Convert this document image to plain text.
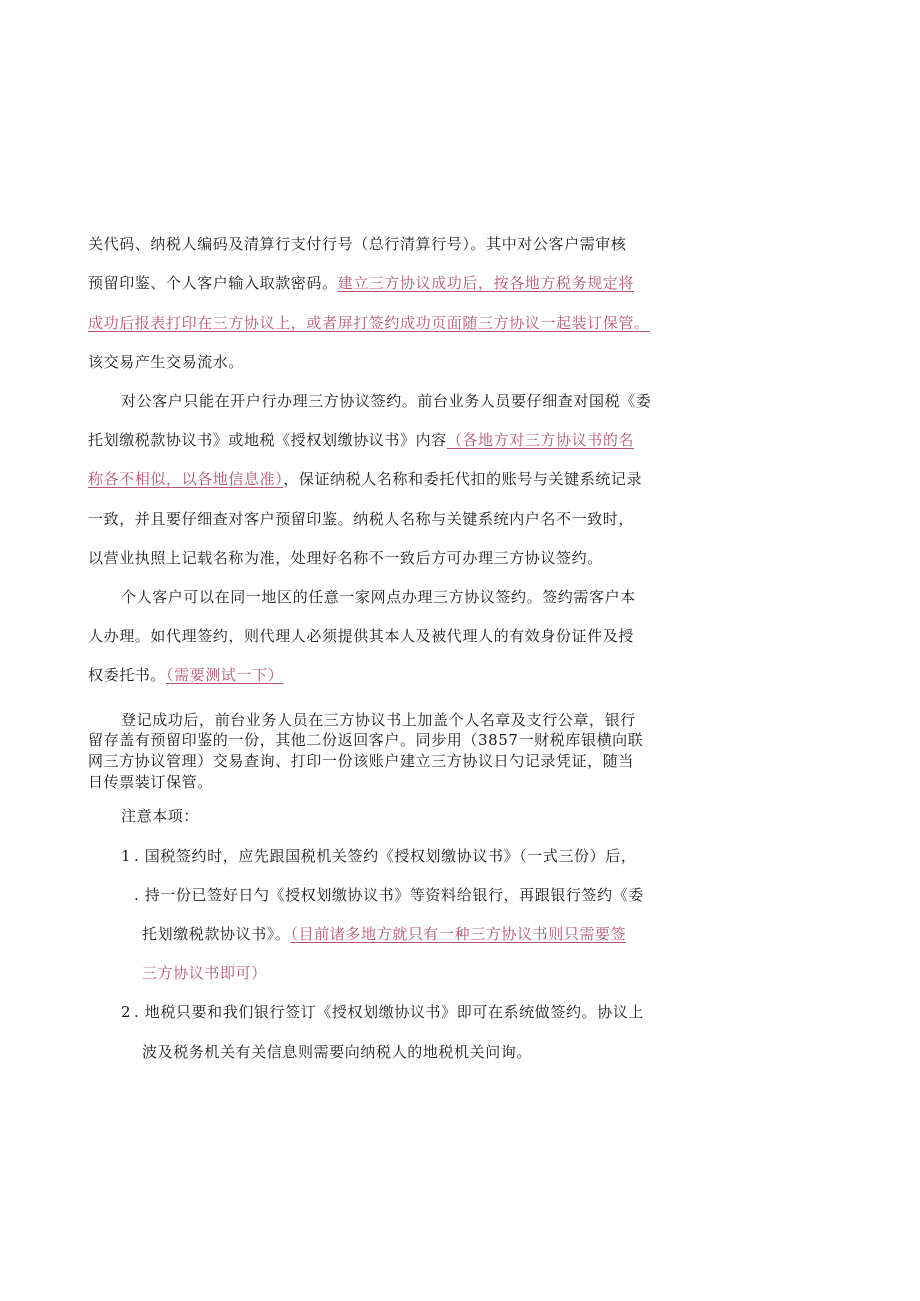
关代码、纳税人编码及清算行支付行号（总行清算行号）。其中对公客户需审核
预留印鉴、个人客户输入取款密码。建立三方协议成功后，按各地方税务规定将
成功后报表打印在三方协议上，或者屏打签约成功页面随三方协议一起装订保管。
该交易产生交易流水。
对公客户只能在开户行办理三方协议签约。前台业务人员要仔细查对国税《委
托划缴税款协议书》或地税《授权划缴协议书》内容（各地方对三方协议书的名
称各不相似，以各地信息准），保证纳税人名称和委托代扣的账号与关键系统记录
一致，并且要仔细查对客户预留印鉴。纳税人名称与关键系统内户名不一致时，
以营业执照上记载名称为准，处理好名称不一致后方可办理三方协议签约。
个人客户可以在同一地区的任意一家网点办理三方协议签约。签约需客户本
人办理。如代理签约，则代理人必须提供其本人及被代理人的有效身份证件及授
权委托书。（需要测试一下）
登记成功后，前台业务人员在三方协议书上加盖个人名章及支行公章，银行
留存盖有预留印鉴的一份，其他二份返回客户。同步用（3857一财税库银横向联
网三方协议管理）交易查询、打印一份该账户建立三方协议日勺记录凭证，随当
日传票装订保管。
注意本项：
1 . 国税签约时，应先跟国税机关签约《授权划缴协议书》（一式三份）后，
. 持一份已签好日勺《授权划缴协议书》等资料给银行，再跟银行签约《委
托划缴税款协议书》。（目前诸多地方就只有一种三方协议书则只需要签
三方协议书即可）
2 . 地税只要和我们银行签订《授权划缴协议书》即可在系统做签约。协议上
波及税务机关有关信息则需要向纳税人的地税机关问询。
